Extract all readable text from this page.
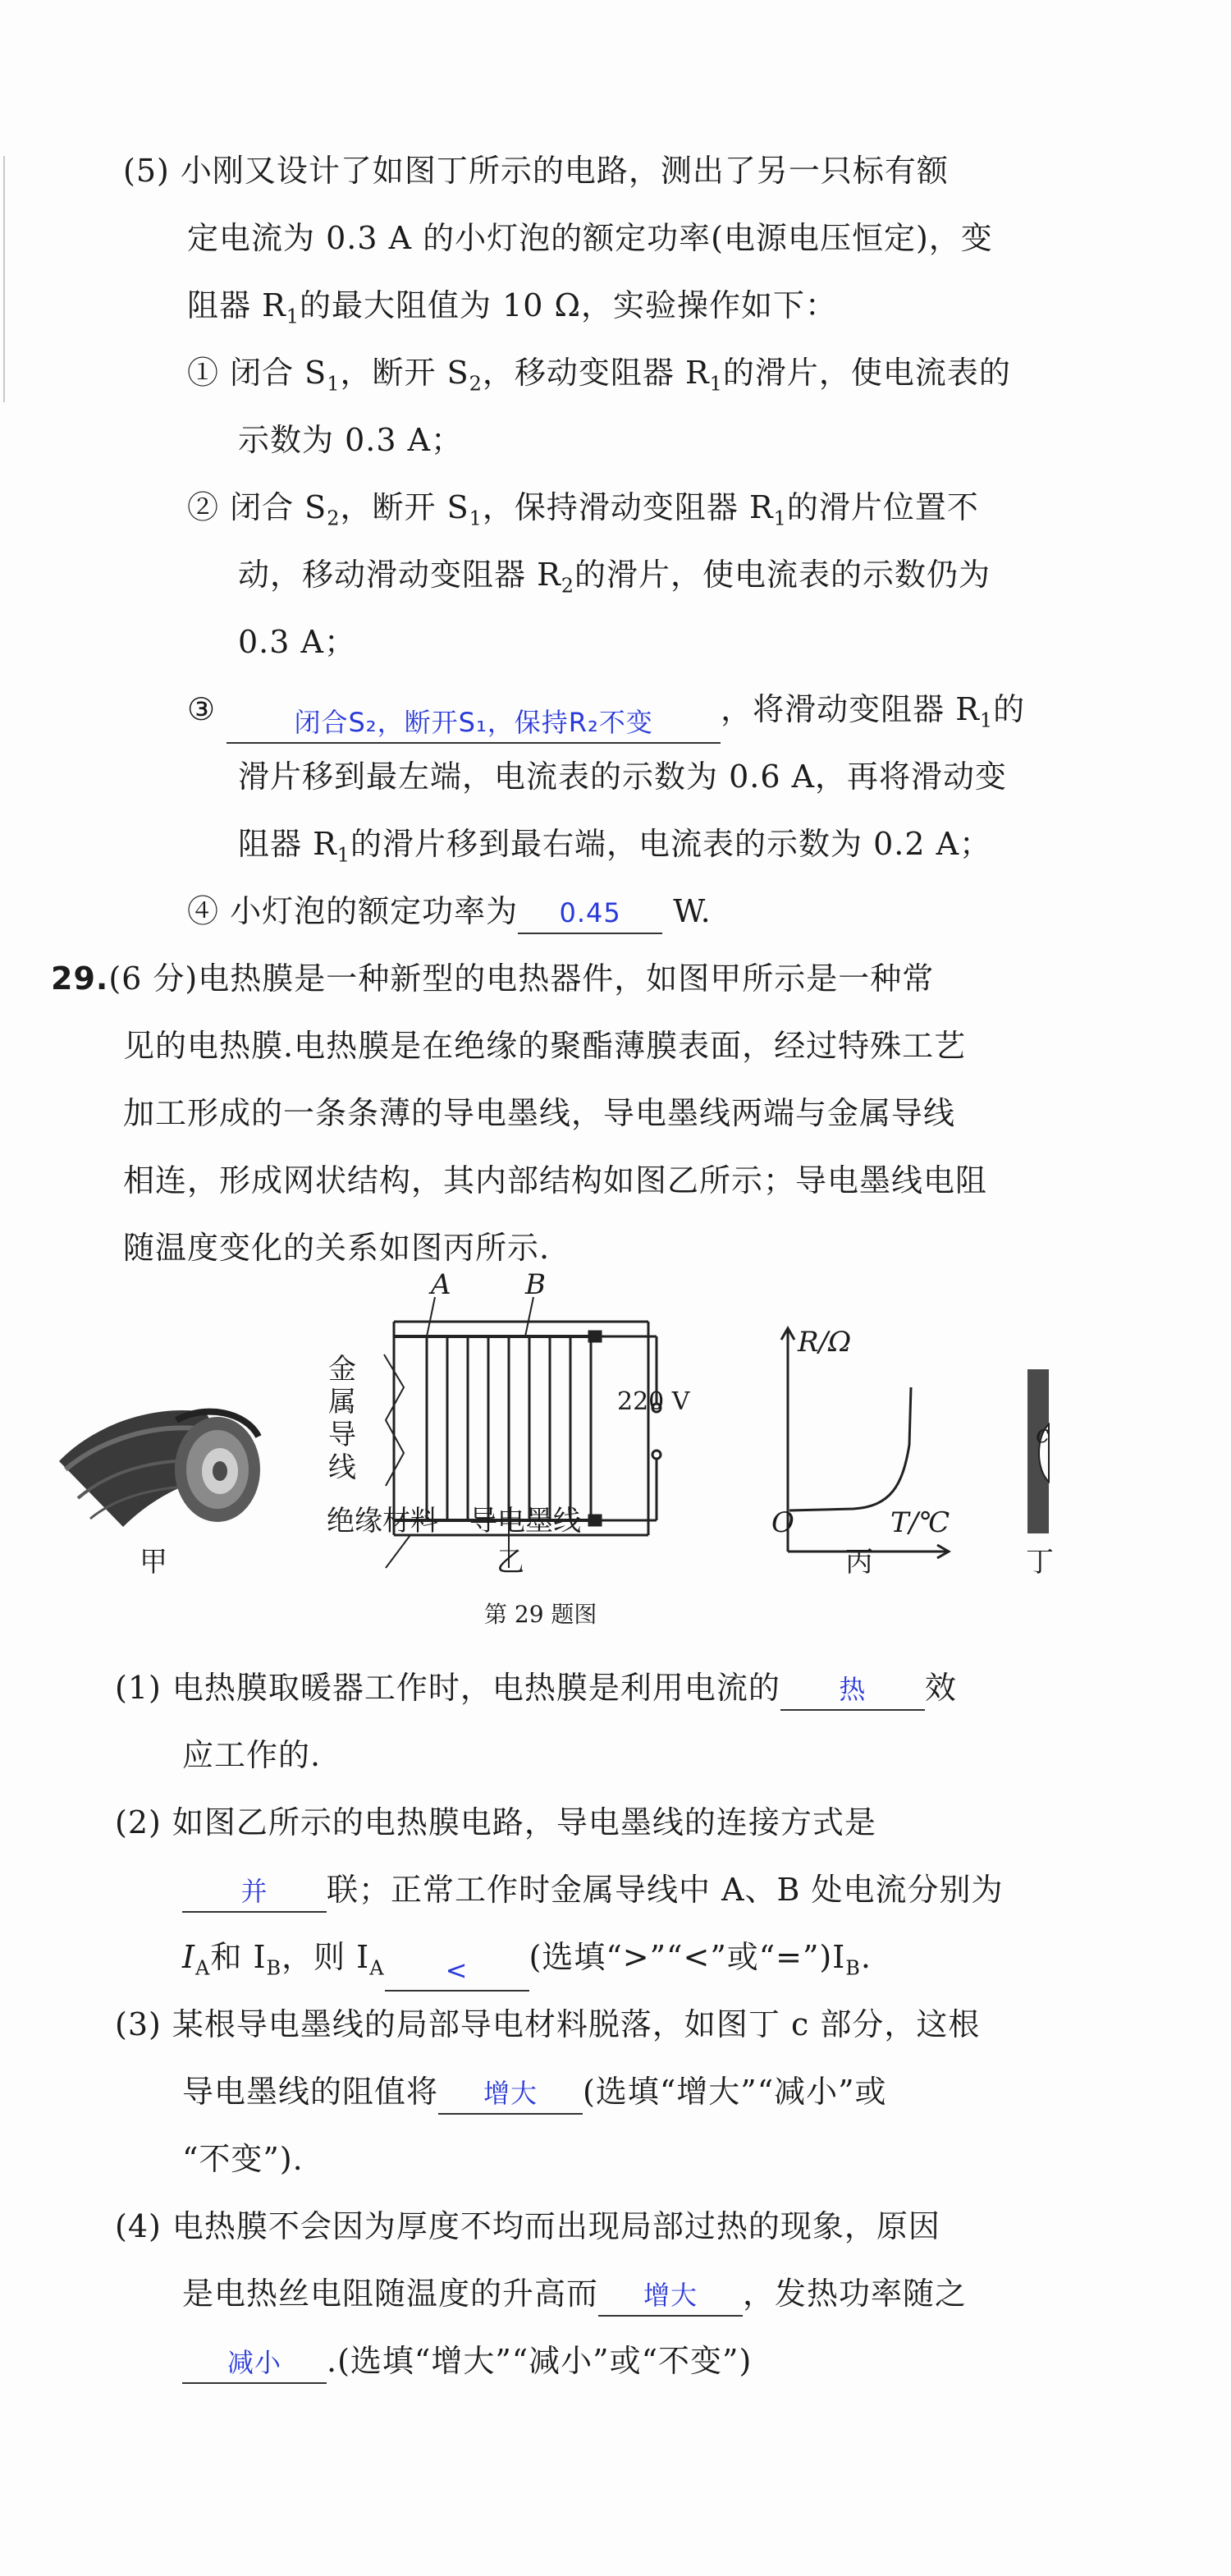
(5) 小刚又设计了如图丁所示的电路，测出了另一只标有额
定电流为 0.3 A 的小灯泡的额定功率(电源电压恒定)，变
阻器 $R_1$的最大阻值为 10 Ω，实验操作如下：
① 闭合 $S_1$，断开 $S_2$，移动变阻器 $R_1$的滑片，使电流表的
示数为 0.3 A；
② 闭合 $S_2$，断开 $S_1$，保持滑动变阻器 $R_1$的滑片位置不
动，移动滑动变阻器 $R_2$的滑片，使电流表的示数仍为
0.3 A；
③	闭合S₂，断开S₁，保持R₂不变	，将滑动变阻器 $R_1$的
滑片移到最左端，电流表的示数为 0.6 A，再将滑动变
阻器 $R_1$的滑片移到最右端，电流表的示数为 0.2 A；
④ 小灯泡的额定功率为	0.45	W.
29.(6 分)电热膜是一种新型的电热器件，如图甲所示是一种常
见的电热膜.电热膜是在绝缘的聚酯薄膜表面，经过特殊工艺
加工形成的一条条薄的导电墨线，导电墨线两端与金属导线
相连，形成网状结构，其内部结构如图乙所示；导电墨线电阻
随温度变化的关系如图丙所示.
甲	乙	丙	丁
A	B
金
属
导
线
220 V
绝缘材料 导电墨线
R/Ω
T/℃
O
c
第 29 题图
(1) 电热膜取暖器工作时，电热膜是利用电流的	热	效
应工作的.
(2) 如图乙所示的电热膜电路，导电墨线的连接方式是
并	联；正常工作时金属导线中 A、B 处电流分别为
$I_A$和 $I_B$，则 $I_A$	<	(选填“>”“<”或“$=”)I_B$.
(3) 某根导电墨线的局部导电材料脱落，如图丁 c 部分，这根
导电墨线的阻值将	增大	(选填“增大”“减小”或
“不变”).
(4) 电热膜不会因为厚度不均而出现局部过热的现象，原因
是电热丝电阻随温度的升高而	增大	，发热功率随之
减小	.(选填“增大”“减小”或“不变”)
